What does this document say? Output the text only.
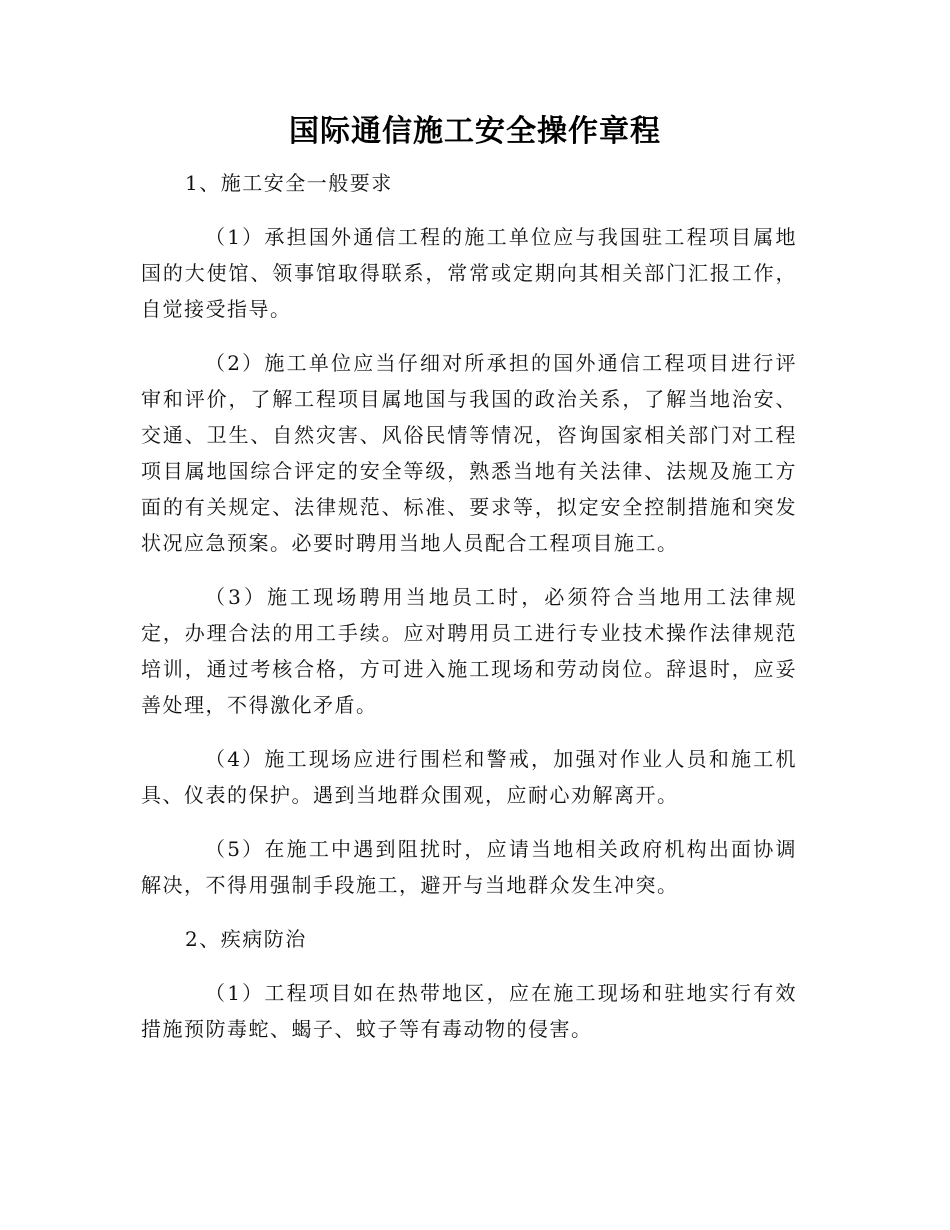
国际通信施工安全操作章程

1、施工安全一般要求

（1）承担国外通信工程的施工单位应与我国驻工程项目属地国的大使馆、领事馆取得联系，常常或定期向其相关部门汇报工作，自觉接受指导。

（2）施工单位应当仔细对所承担的国外通信工程项目进行评审和评价，了解工程项目属地国与我国的政治关系，了解当地治安、交通、卫生、自然灾害、风俗民情等情况，咨询国家相关部门对工程项目属地国综合评定的安全等级，熟悉当地有关法律、法规及施工方面的有关规定、法律规范、标准、要求等，拟定安全控制措施和突发状况应急预案。必要时聘用当地人员配合工程项目施工。

（3）施工现场聘用当地员工时，必须符合当地用工法律规定，办理合法的用工手续。应对聘用员工进行专业技术操作法律规范培训，通过考核合格，方可进入施工现场和劳动岗位。辞退时，应妥善处理，不得激化矛盾。

（4）施工现场应进行围栏和警戒，加强对作业人员和施工机具、仪表的保护。遇到当地群众围观，应耐心劝解离开。

（5）在施工中遇到阻扰时，应请当地相关政府机构出面协调解决，不得用强制手段施工，避开与当地群众发生冲突。

2、疾病防治

（1）工程项目如在热带地区，应在施工现场和驻地实行有效措施预防毒蛇、蝎子、蚊子等有毒动物的侵害。
